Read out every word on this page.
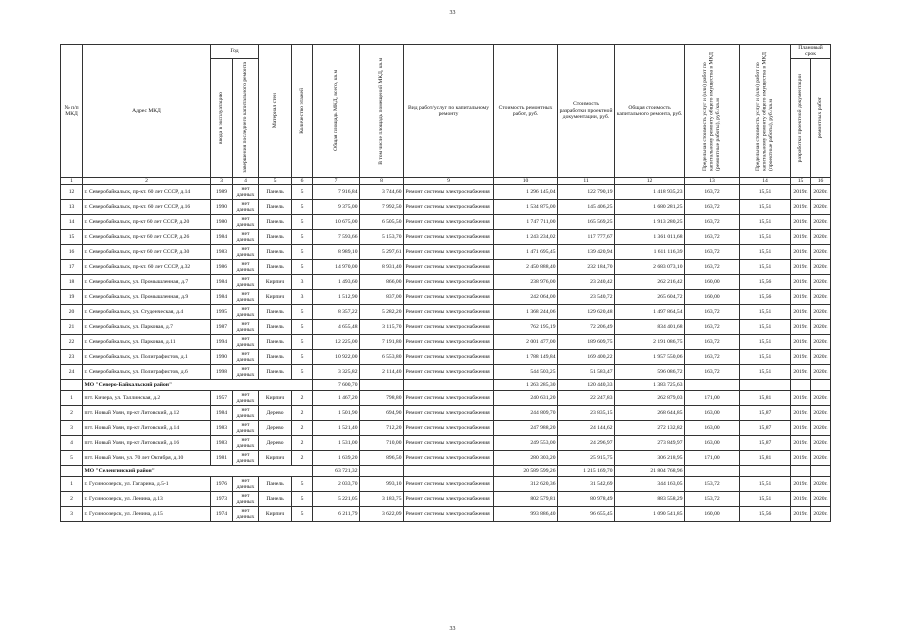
33
№ п/п МКД	Адрес МКД	Год		Материал стен	Количество этажей	Общая площадь МКД, всего, кв.м	В том числе площадь помещений МКД, кв.м	Вид работ/услуг по капитальному ремонту	Стоимость ремонтных работ, руб.	Стоимость разработки проектной документации, руб.	Общая стоимость капитального ремонта, руб.	Предельная стоимость услуг и (или) работ по капитальному ремонту общего имущества в МКД (ремонтные работы), руб./кв.м	Предельная стоимость услуг и (или) работ по капитальному ремонту общего имущества в МКД (проектные работы), руб./кв.м	Плановый срок	

		ввода в эксплуатацию	завершения последнего капитального ремонта											разработки проектной документации	ремонтных работ

1	2	3	4	5	6	7	8	9	10	11	12	13	14	15	16
12	г. Северобайкальск, пр-кт. 60 лет СССР, д.14	1989	нет данных	Панель	5	7 916,84	3 744,60	Ремонт системы электроснабжения	1 296 145,04	122 790,19	1 418 935,23	163,72	15,51	2019г.	2020г.
13	г. Северобайкальск, пр-кт. 60 лет СССР, д.16	1990	нет данных	Панель	5	9 375,00	7 992,50	Ремонт системы электроснабжения	1 534 875,00	145 406,25	1 680 281,25	163,72	15,51	2019г.	2020г.
14	г. Северобайкальск, пр-кт 60 лет СССР, д.20	1980	нет данных	Панель	5	10 675,00	6 505,50	Ремонт системы электроснабжения	1 747 711,00	165 569,25	1 913 280,25	163,72	15,51	2019г.	2020г.
15	г. Северобайкальск, пр-кт 60 лет СССР, д.26	1984	нет данных	Панель	5	7 593,66	5 153,70	Ремонт системы электроснабжения	1 243 234,02	117 777,67	1 361 011,68	163,72	15,51	2019г.	2020г.
16	г. Северобайкальск, пр-кт 60 лет СССР, д.30	1983	нет данных	Панель	5	8 989,10	5 297,61	Ремонт системы электроснабжения	1 471 695,45	139 420,94	1 611 116,39	163,72	15,51	2019г.	2020г.
17	г. Северобайкальск, пр-кт. 60 лет СССР, д.32	1986	нет данных	Панель	5	14 970,00	8 931,40	Ремонт системы электроснабжения	2 450 888,40	232 184,70	2 683 073,10	163,72	15,51	2019г.	2020г.
18	г. Северобайкальск, ул. Промышленная, д.7	1984	нет данных	Кирпич	3	1 493,60	866,00	Ремонт системы электроснабжения	238 976,00	23 240,42	262 216,42	160,00	15,56	2019г.	2020г.
19	г. Северобайкальск, ул. Промышленная, д.9	1984	нет данных	Кирпич	3	1 512,90	837,00	Ремонт системы электроснабжения	242 064,00	23 540,72	265 604,72	160,00	15,56	2019г.	2020г.
20	г. Северобайкальск, ул. Студенческая, д.4	1995	нет данных	Панель	5	8 357,22	5 282,20	Ремонт системы электроснабжения	1 368 244,06	129 620,48	1 497 864,54	163,72	15,51	2019г.	2020г.
21	г. Северобайкальск, ул. Парковая, д.7	1987	нет данных	Панель	5	4 655,48	3 115,70	Ремонт системы электроснабжения	762 195,19	72 206,49	834 401,68	163,72	15,51	2019г.	2020г.
22	г. Северобайкальск, ул. Парковая, д.11	1994	нет данных	Панель	5	12 225,00	7 191,80	Ремонт системы электроснабжения	2 001 477,00	189 609,75	2 191 086,75	163,72	15,51	2019г.	2020г.
23	г. Северобайкальск, ул. Полиграфистов, д.1	1990	нет данных	Панель	5	10 922,00	6 553,80	Ремонт системы электроснабжения	1 788 149,84	169 400,22	1 957 550,06	163,72	15,51	2019г.	2020г.
24	г. Северобайкальск, ул. Полиграфистов, д.6	1998	нет данных	Панель	5	3 325,82	2 114,40	Ремонт системы электроснабжения	544 503,25	51 583,47	596 086,72	163,72	15,51	2019г.	2020г.
	МО "Северо-Байкальский район"					7 600,70			1 263 285,30	120 440,33	1 383 725,63				
1	пгт. Кичера, ул. Таллинская, д.2	1957	нет данных	Кирпич	2	1 467,20	798,80	Ремонт системы электроснабжения	240 631,20	22 247,83	262 879,03	171,00	15,81	2019г.	2020г.
2	пгт. Новый Уоян, пр-кт Литовский, д.12	1984	нет данных	Дерево	2	1 501,90	694,90	Ремонт системы электроснабжения	244 809,70	23 835,15	268 644,85	163,00	15,87	2019г.	2020г.
3	пгт. Новый Уоян, пр-кт Литовский, д.14	1983	нет данных	Дерево	2	1 521,40	712,20	Ремонт системы электроснабжения	247 988,20	24 144,62	272 132,82	163,00	15,87	2019г.	2020г.
4	пгт. Новый Уоян, пр-кт Литовский, д.16	1983	нет данных	Дерево	2	1 531,00	710,00	Ремонт системы электроснабжения	249 553,00	24 296,97	273 849,97	163,00	15,87	2019г.	2020г.
5	пгт. Новый Уоян, ул. 70 лет Октября, д.10	1981	нет данных	Кирпич	2	1 639,20	896,50	Ремонт системы электроснабжения	280 303,20	25 915,75	306 218,95	171,00	15,81	2019г.	2020г.
	МО "Селенгинский район"					63 721,32			20 589 599,26	1 215 169,70	21 804 768,96				
1	г. Гусиноозерск, ул. Гагарина, д.5-1	1976	нет данных	Панель	5	2 033,70	993,10	Ремонт системы электроснабжения	312 620,36	31 542,69	344 163,05	153,72	15,51	2019г.	2020г.
2	г. Гусиноозерск, ул. Ленина, д.13	1973	нет данных	Панель	5	5 221,05	3 183,75	Ремонт системы электроснабжения	802 579,81	80 978,49	883 558,29	153,72	15,51	2019г.	2020г.
3	г. Гусиноозерск, ул. Ленина, д.15	1974	нет данных	Кирпич	5	6 211,79	3 622,09	Ремонт системы электроснабжения	993 886,40	96 655,45	1 090 541,85	160,00	15,56	2019г.	2020г.
33
